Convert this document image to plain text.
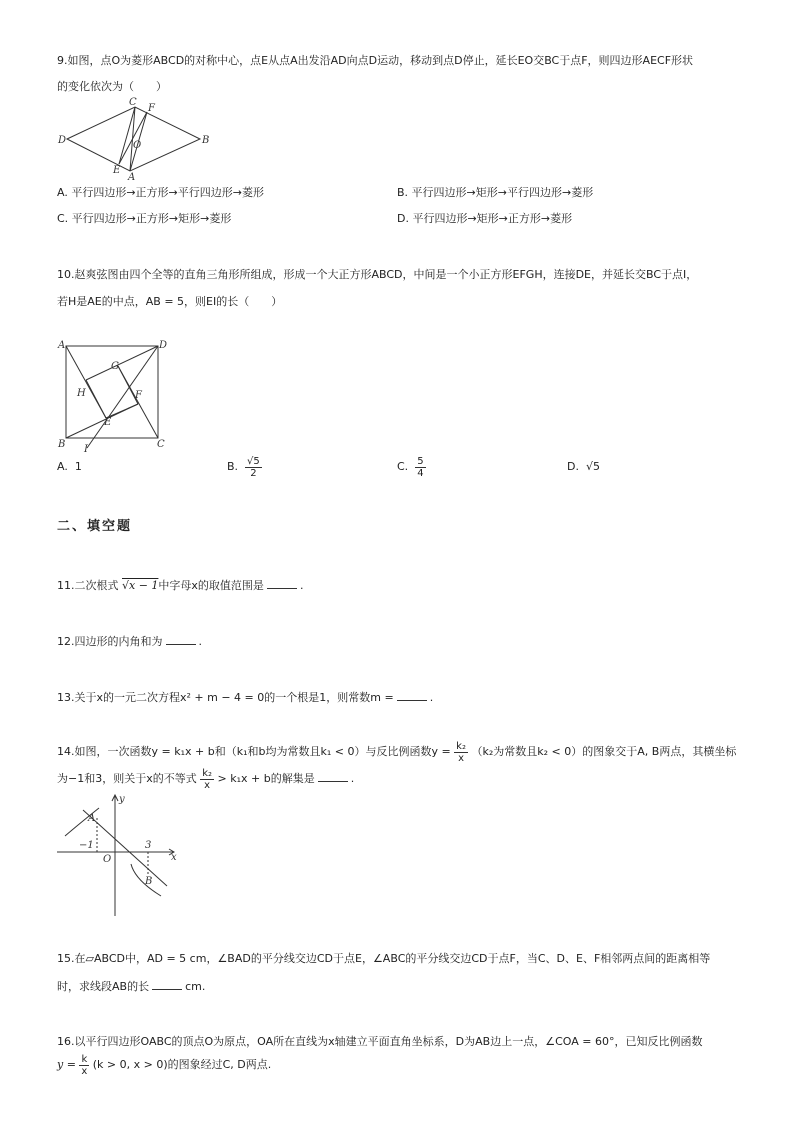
9.如图，点O为菱形ABCD的对称中心，点E从点A出发沿AD向点D运动，移动到点D停止，延长EO交BC于点F，则四边形AECF形状
的变化依次为（　　）
C
F
D	B
O
E
A
A. 平行四边形→正方形→平行四边形→菱形	B. 平行四边形→矩形→平行四边形→菱形
C. 平行四边形→正方形→矩形→菱形	D. 平行四边形→矩形→正方形→菱形
10.赵爽弦图由四个全等的直角三角形所组成，形成一个大正方形ABCD，中间是一个小正方形EFGH，连接DE，并延长交BC于点I，
若H是AE的中点，AB = 5，则EI的长（　　）
A	D
G
H	F
E
B I	C
A. 1	B. $\frac{√5}{2}$	C. $\frac{5}{4}$	D. √5
二、填空题
11.二次根式 √x − 1中字母x的取值范围是	.
12.四边形的内角和为	.
13.关于x的一元二次方程x² + m − 4 = 0的一个根是1，则常数m =	.
14.如图，一次函数y = k₁x + b和（k₁和b均为常数且k₁ < 0）与反比例函数$y = \frac{\text{k₂}}{x} (k_2$为常数且k₂ < 0）的图象交于A, B两点，其横坐标
为−1和3，则关于x的不等式 $\frac{\text{k₂}}{x} > k_1x + b$的解集是	.
y
A
−1
O
3
x
B
15.在▱ABCD中，AD = 5 cm，∠BAD的平分线交边CD于点E，∠ABC的平分线交边CD于点F，当C、D、E、F相邻两点间的距离相等
时，求线段AB的长	cm.
16.以平行四边形OABC的顶点O为原点，OA所在直线为x轴建立平面直角坐标系，D为AB边上一点，∠COA = 60°，已知反比例函数
$y = \frac{k}{x} (k > 0$, x > 0)的图象经过C, D两点.
